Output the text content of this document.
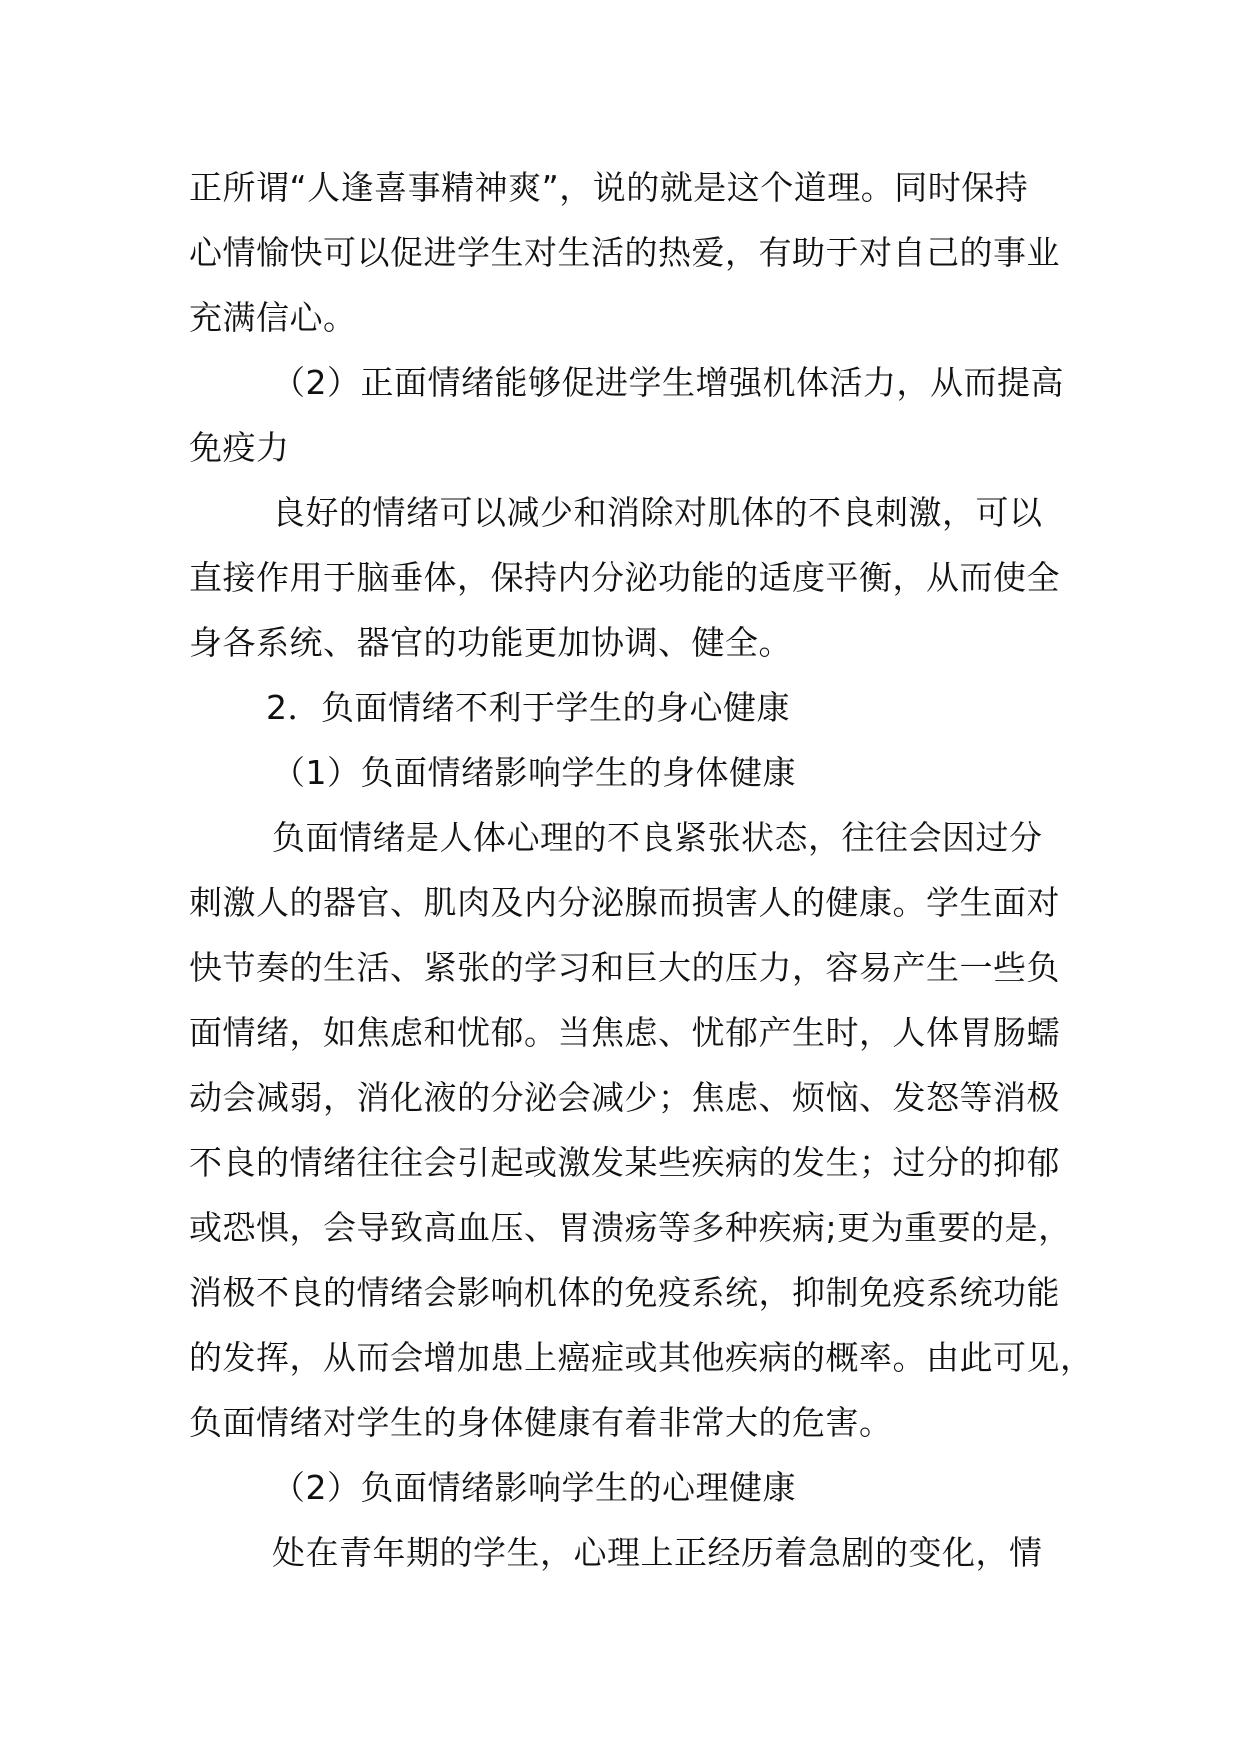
正所谓“人逢喜事精神爽”，说的就是这个道理。同时保持
心情愉快可以促进学生对生活的热爱，有助于对自己的事业
充满信心。
（2）正面情绪能够促进学生增强机体活力，从而提高
免疫力
良好的情绪可以减少和消除对肌体的不良刺激，可以
直接作用于脑垂体，保持内分泌功能的适度平衡，从而使全
身各系统、器官的功能更加协调、健全。
2．负面情绪不利于学生的身心健康
（1）负面情绪影响学生的身体健康
负面情绪是人体心理的不良紧张状态，往往会因过分
刺激人的器官、肌肉及内分泌腺而损害人的健康。学生面对
快节奏的生活、紧张的学习和巨大的压力，容易产生一些负
面情绪，如焦虑和忧郁。当焦虑、忧郁产生时，人体胃肠蠕
动会减弱，消化液的分泌会减少；焦虑、烦恼、发怒等消极
不良的情绪往往会引起或激发某些疾病的发生；过分的抑郁
或恐惧，会导致高血压、胃溃疡等多种疾病;更为重要的是，
消极不良的情绪会影响机体的免疫系统，抑制免疫系统功能
的发挥，从而会增加患上癌症或其他疾病的概率。由此可见，
负面情绪对学生的身体健康有着非常大的危害。
（2）负面情绪影响学生的心理健康
处在青年期的学生，心理上正经历着急剧的变化，情
